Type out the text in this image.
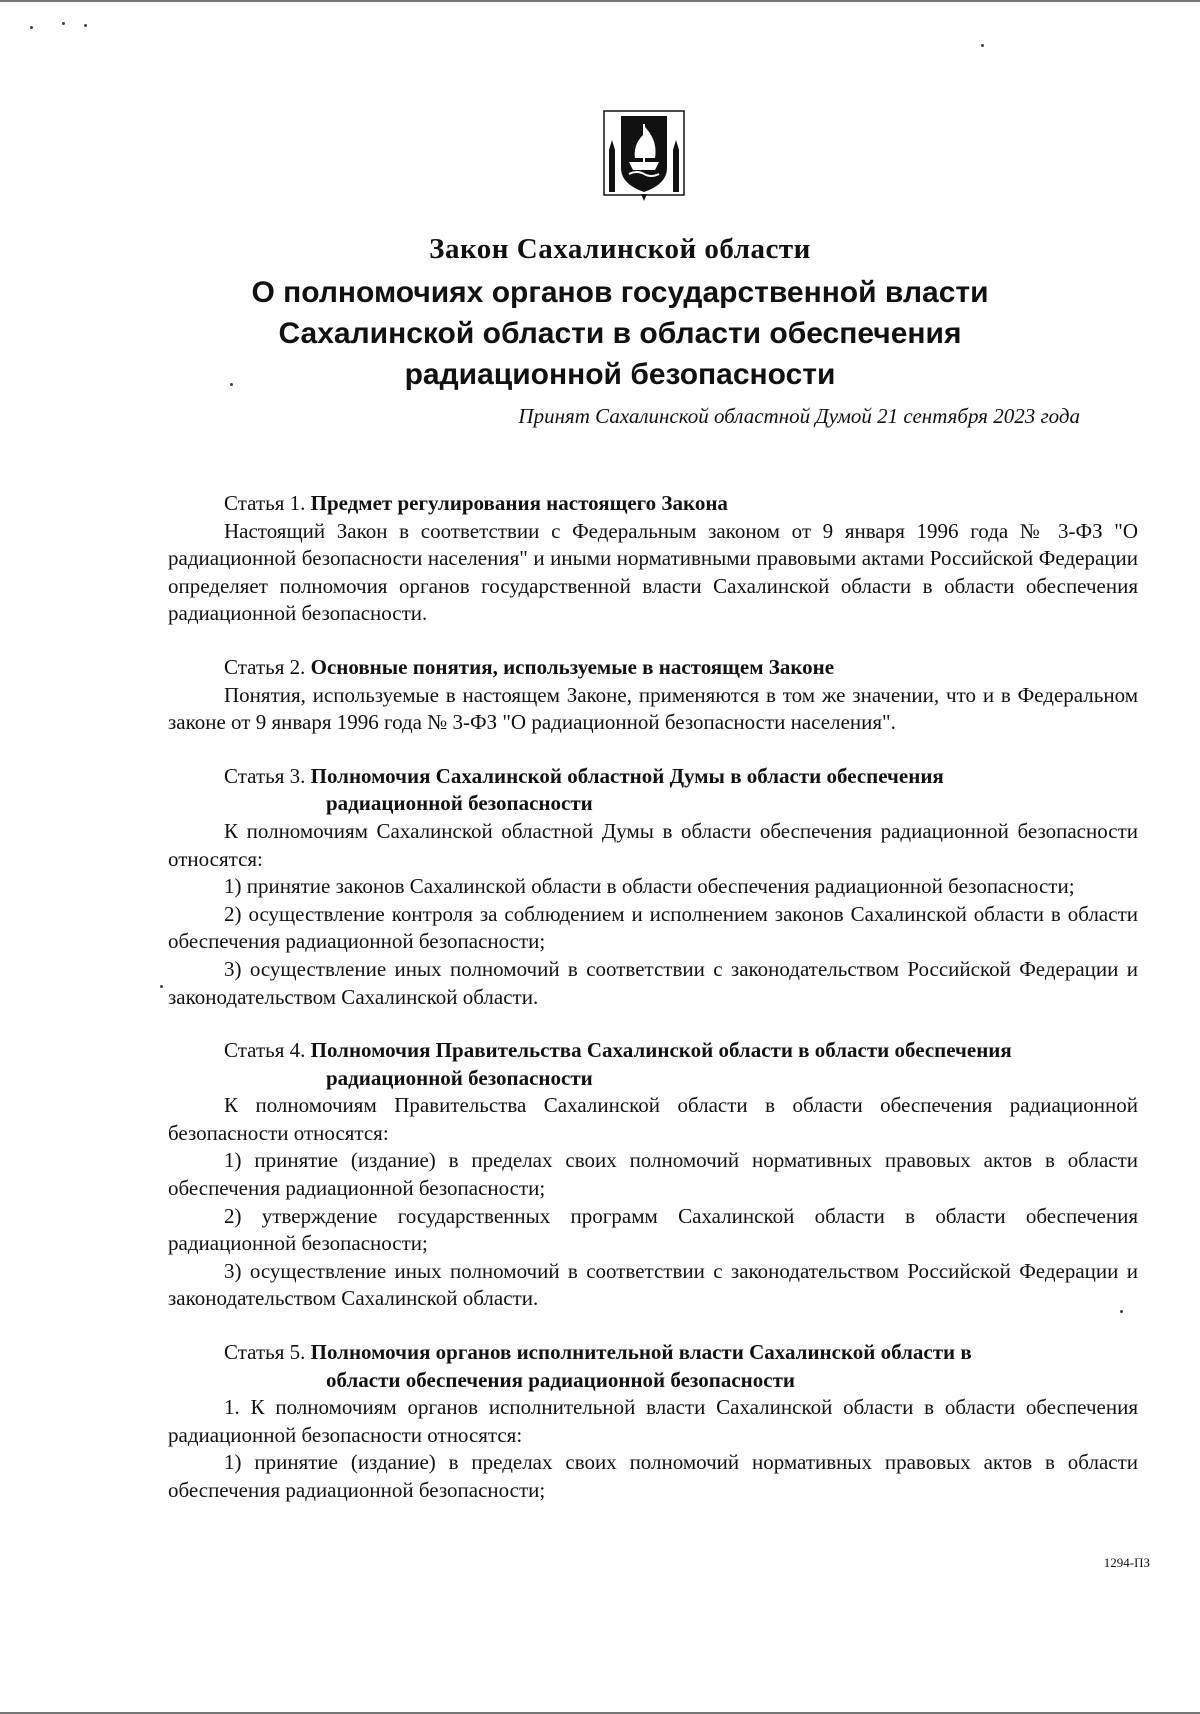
Закон Сахалинской области
О полномочиях органов государственной власти
Сахалинской области в области обеспечения
радиационной безопасности
Принят Сахалинской областной Думой 21 сентября 2023 года
Статья 1. Предмет регулирования настоящего Закона

Настоящий Закон в соответствии с Федеральным законом от 9 января 1996 года № 3-ФЗ "О радиационной безопасности населения" и иными нормативными правовыми актами Российской Федерации определяет полномочия органов государственной власти Сахалинской области в области обеспечения радиационной безопасности.

Статья 2. Основные понятия, используемые в настоящем Законе

Понятия, используемые в настоящем Законе, применяются в том же значении, что и в Федеральном законе от 9 января 1996 года № 3-ФЗ "О радиационной безопасности населения".

Статья 3. Полномочия Сахалинской областной Думы в области обеспечения
радиационной безопасности

К полномочиям Сахалинской областной Думы в области обеспечения радиационной безопасности относятся:

1) принятие законов Сахалинской области в области обеспечения радиационной безопасности;

2) осуществление контроля за соблюдением и исполнением законов Сахалинской области в области обеспечения радиационной безопасности;

3) осуществление иных полномочий в соответствии с законодательством Российской Федерации и законодательством Сахалинской области.

Статья 4. Полномочия Правительства Сахалинской области в области обеспечения
радиационной безопасности

К полномочиям Правительства Сахалинской области в области обеспечения радиационной безопасности относятся:

1) принятие (издание) в пределах своих полномочий нормативных правовых актов в области обеспечения радиационной безопасности;

2) утверждение государственных программ Сахалинской области в области обеспечения радиационной безопасности;

3) осуществление иных полномочий в соответствии с законодательством Российской Федерации и законодательством Сахалинской области.

Статья 5. Полномочия органов исполнительной власти Сахалинской области в
области обеспечения радиационной безопасности

1. К полномочиям органов исполнительной власти Сахалинской области в области обеспечения радиационной безопасности относятся:

1) принятие (издание) в пределах своих полномочий нормативных правовых актов в области обеспечения радиационной безопасности;

1294-ПЗ
